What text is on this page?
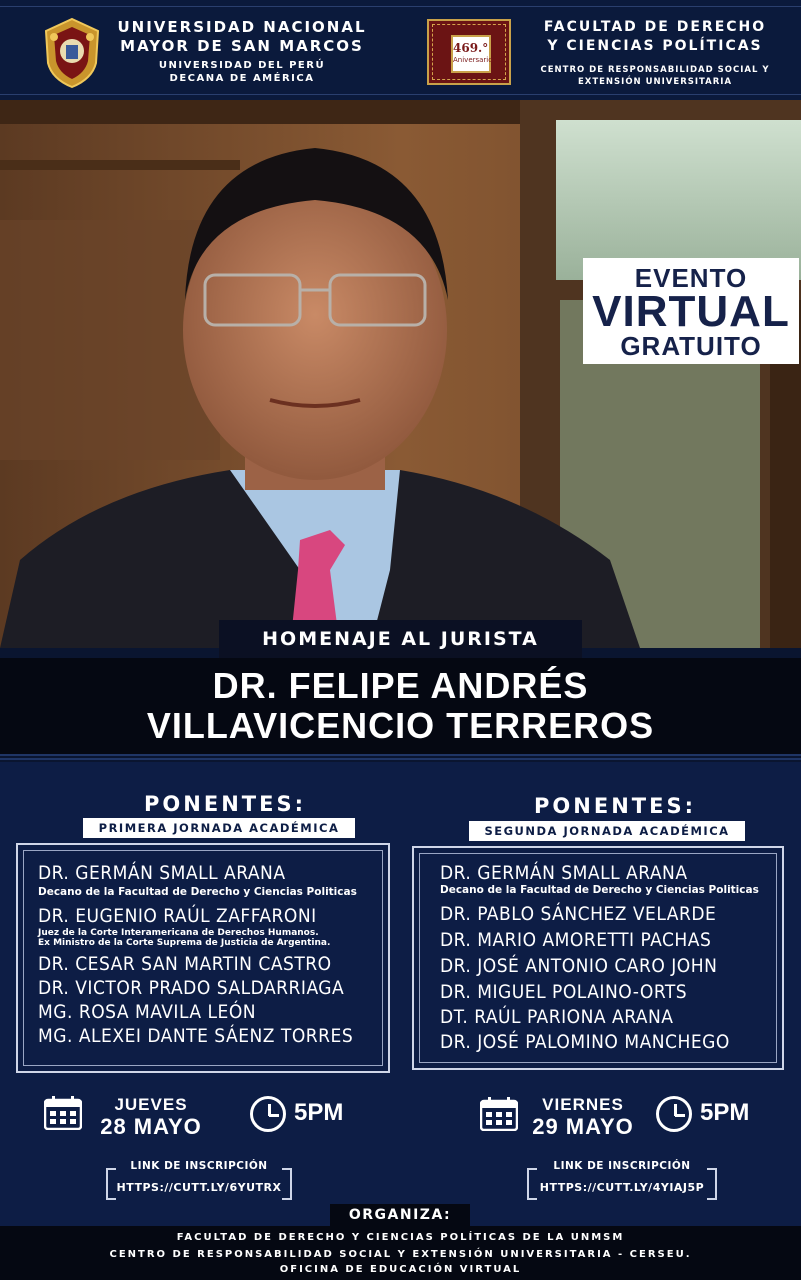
UNIVERSIDAD NACIONAL
MAYOR DE SAN MARCOS
UNIVERSIDAD DEL PERÚ
DECANA DE AMÉRICA
469.°
Aniversario
FACULTAD DE DERECHO
Y CIENCIAS POLÍTICAS
CENTRO DE RESPONSABILIDAD SOCIAL Y
EXTENSIÓN UNIVERSITARIA
EVENTO
VIRTUAL
GRATUITO
HOMENAJE AL JURISTA
DR. FELIPE ANDRÉS
VILLAVICENCIO TERREROS
PONENTES:
PRIMERA JORNADA ACADÉMICA
DR. GERMÁN SMALL ARANA
Decano de la Facultad de Derecho y Ciencias Politicas
DR. EUGENIO RAÚL ZAFFARONI
Juez de la Corte Interamericana de Derechos Humanos.
Ex Ministro de la Corte Suprema de Justicia de Argentina.
DR. CESAR SAN MARTIN CASTRO
DR. VICTOR PRADO SALDARRIAGA
MG. ROSA MAVILA LEÓN
MG. ALEXEI DANTE SÁENZ TORRES
JUEVES
28 MAYO
5PM
LINK DE INSCRIPCIÓN
HTTPS://CUTT.LY/6YUTRX
PONENTES:
SEGUNDA JORNADA ACADÉMICA
DR. GERMÁN SMALL ARANA
Decano de la Facultad de Derecho y Ciencias Politicas
DR. PABLO SÁNCHEZ VELARDE
DR. MARIO AMORETTI PACHAS
DR. JOSÉ ANTONIO CARO JOHN
DR. MIGUEL POLAINO-ORTS
DT. RAÚL PARIONA ARANA
DR. JOSÉ PALOMINO MANCHEGO
VIERNES
29 MAYO
5PM
LINK DE INSCRIPCIÓN
HTTPS://CUTT.LY/4YIAJ5P
ORGANIZA:
FACULTAD DE DERECHO Y CIENCIAS POLÍTICAS DE LA UNMSM
CENTRO DE RESPONSABILIDAD SOCIAL Y EXTENSIÓN UNIVERSITARIA - CERSEU.
OFICINA DE EDUCACIÓN VIRTUAL
